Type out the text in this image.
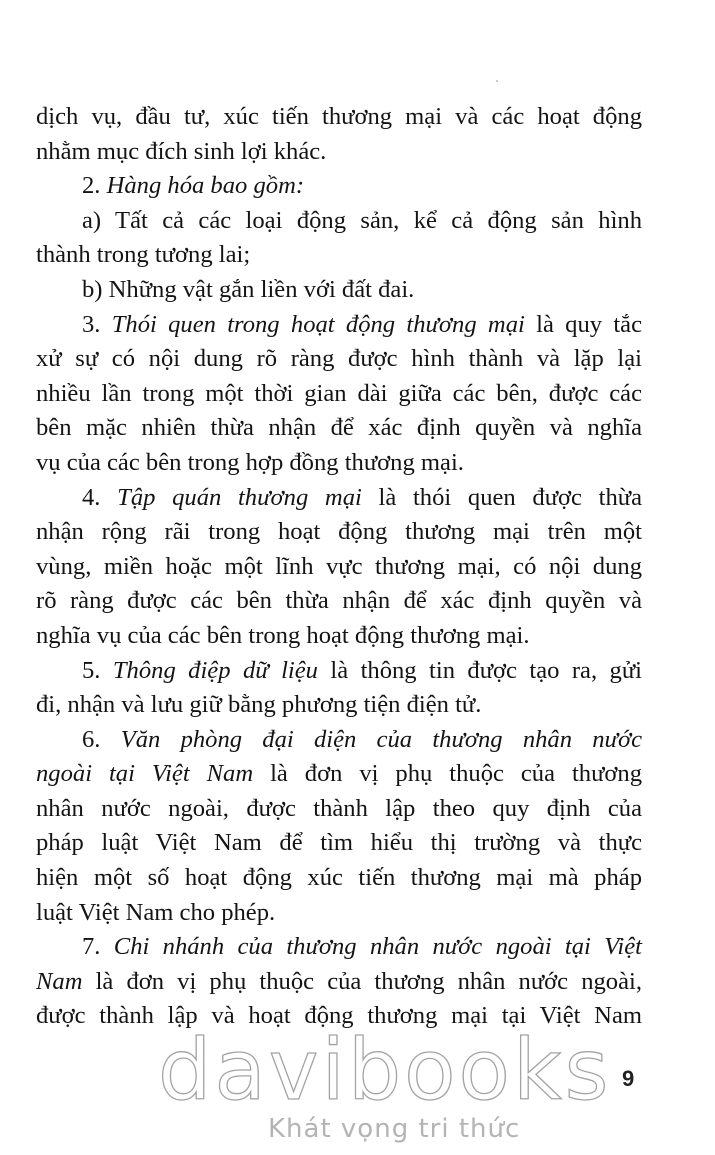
dịch vụ, đầu tư, xúc tiến thương mại và các hoạt động

nhằm mục đích sinh lợi khác.

2. Hàng hóa bao gồm:

a) Tất cả các loại động sản, kể cả động sản hình

thành trong tương lai;

b) Những vật gắn liền với đất đai.

3. Thói quen trong hoạt động thương mại là quy tắc

xử sự có nội dung rõ ràng được hình thành và lặp lại

nhiều lần trong một thời gian dài giữa các bên, được các

bên mặc nhiên thừa nhận để xác định quyền và nghĩa

vụ của các bên trong hợp đồng thương mại.

4. Tập quán thương mại là thói quen được thừa

nhận rộng rãi trong hoạt động thương mại trên một

vùng, miền hoặc một lĩnh vực thương mại, có nội dung

rõ ràng được các bên thừa nhận để xác định quyền và

nghĩa vụ của các bên trong hoạt động thương mại.

5. Thông điệp dữ liệu là thông tin được tạo ra, gửi

đi, nhận và lưu giữ bằng phương tiện điện tử.

6. Văn phòng đại diện của thương nhân nước

ngoài tại Việt Nam là đơn vị phụ thuộc của thương

nhân nước ngoài, được thành lập theo quy định của

pháp luật Việt Nam để tìm hiểu thị trường và thực

hiện một số hoạt động xúc tiến thương mại mà pháp

luật Việt Nam cho phép.

7. Chi nhánh của thương nhân nước ngoài tại Việt

Nam là đơn vị phụ thuộc của thương nhân nước ngoài,

được thành lập và hoạt động thương mại tại Việt Nam

davibooks
Khát vọng tri thức
9
